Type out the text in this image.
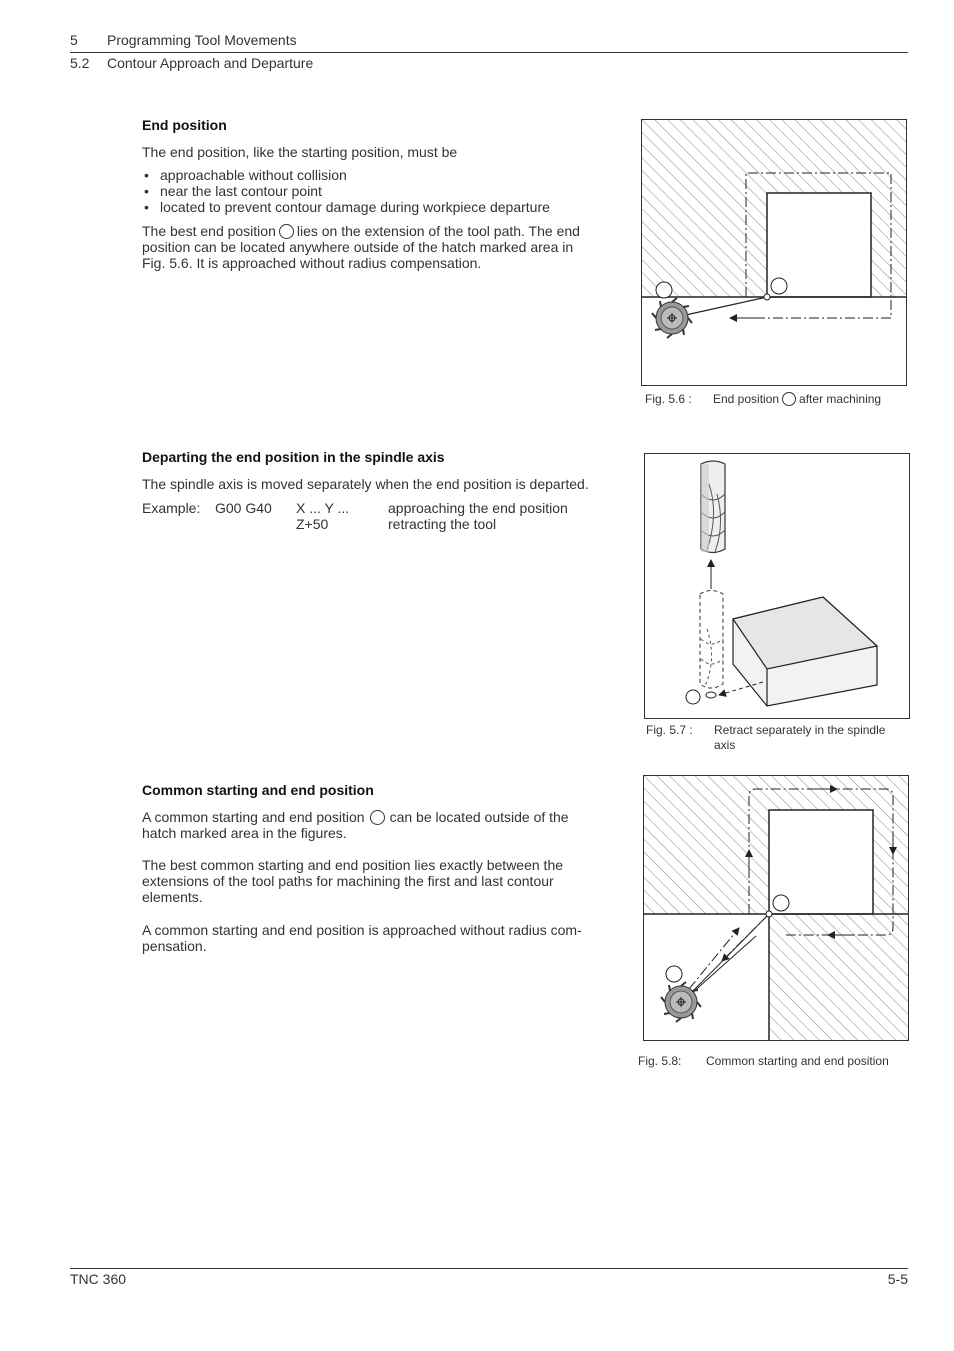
5 Programming Tool Movements
5.2 Contour Approach and Departure
End position
The end position, like the starting position, must be
• approachable without collision
• near the last contour point
• located to prevent contour damage during workpiece departure
The best end position lies on the extension of the tool path. The end
position can be located anywhere outside of the hatch marked area in
Fig. 5.6. It is approached without radius compensation.
Fig. 5.6 : End position after machining
Departing the end position in the spindle axis
The spindle axis is moved separately when the end position is departed.
Example: G00 G40 X ... Y ...	approaching the end position
Z+50	retracting the tool
Fig. 5.7 : Retract separately in the spindle
axis
Common starting and end position
A common starting and end position can be located outside of the
hatch marked area in the figures.
The best common starting and end position lies exactly between the
extensions of the tool paths for machining the first and last contour
elements.
A common starting and end position is approached without radius com-
pensation.
Fig. 5.8: Common starting and end position
TNC 360	5-5
